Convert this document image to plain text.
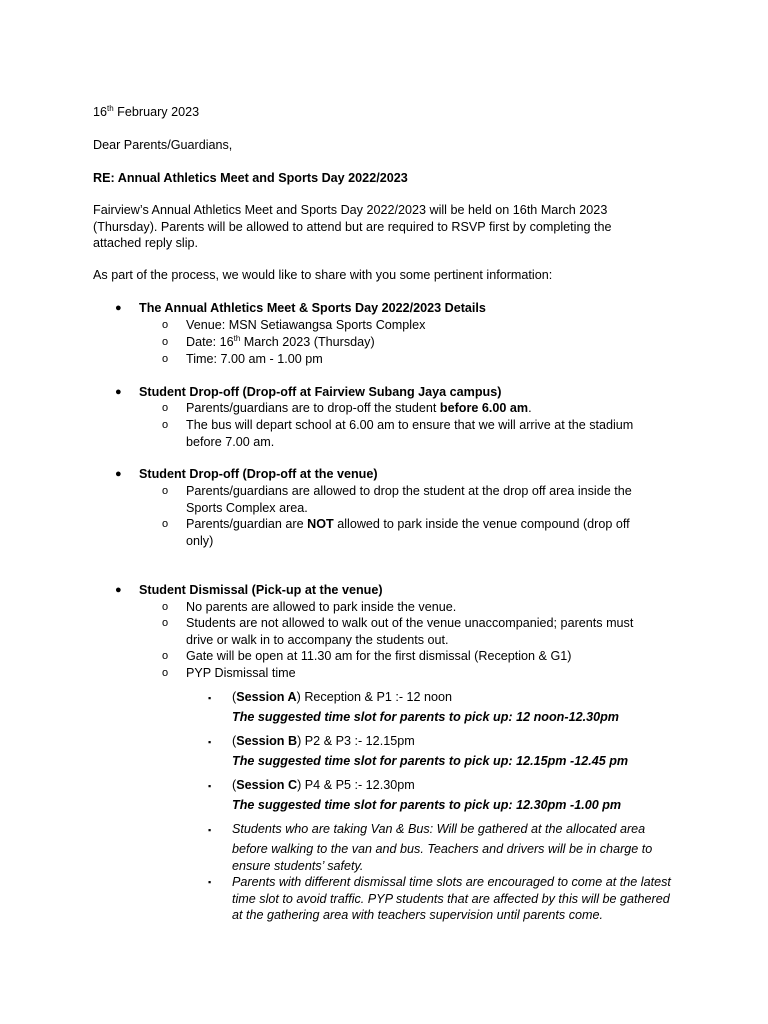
16th February 2023

Dear Parents/Guardians,

RE: Annual Athletics Meet and Sports Day 2022/2023

Fairview’s Annual Athletics Meet and Sports Day 2022/2023 will be held on 16th March 2023 (Thursday). Parents will be allowed to attend but are required to RSVP first by completing the attached reply slip.

As part of the process, we would like to share with you some pertinent information:

● The Annual Athletics Meet & Sports Day 2022/2023 Details

o Venue: MSN Setiawangsa Sports Complex

o Date: 16th March 2023 (Thursday)

o Time: 7.00 am - 1.00 pm

● Student Drop-off (Drop-off at Fairview Subang Jaya campus)

o Parents/guardians are to drop-off the student before 6.00 am.

o The bus will depart school at 6.00 am to ensure that we will arrive at the stadium before 7.00 am.

● Student Drop-off (Drop-off at the venue)

o Parents/guardians are allowed to drop the student at the drop off area inside the Sports Complex area.

o Parents/guardian are NOT allowed to park inside the venue compound (drop off only)

● Student Dismissal (Pick-up at the venue)

o No parents are allowed to park inside the venue.

o Students are not allowed to walk out of the venue unaccompanied; parents must drive or walk in to accompany the students out.

o Gate will be open at 11.30 am for the first dismissal (Reception & G1)

o PYP Dismissal time

▪ (Session A) Reception & P1 :- 12 noon

The suggested time slot for parents to pick up: 12 noon-12.30pm

▪ (Session B) P2 & P3 :- 12.15pm

The suggested time slot for parents to pick up: 12.15pm -12.45 pm

▪ (Session C) P4 & P5 :- 12.30pm

The suggested time slot for parents to pick up: 12.30pm -1.00 pm

▪ Students who are taking Van & Bus: Will be gathered at the allocated area

before walking to the van and bus. Teachers and drivers will be in charge to ensure students’ safety.

▪ Parents with different dismissal time slots are encouraged to come at the latest time slot to avoid traffic. PYP students that are affected by this will be gathered at the gathering area with teachers supervision until parents come.
